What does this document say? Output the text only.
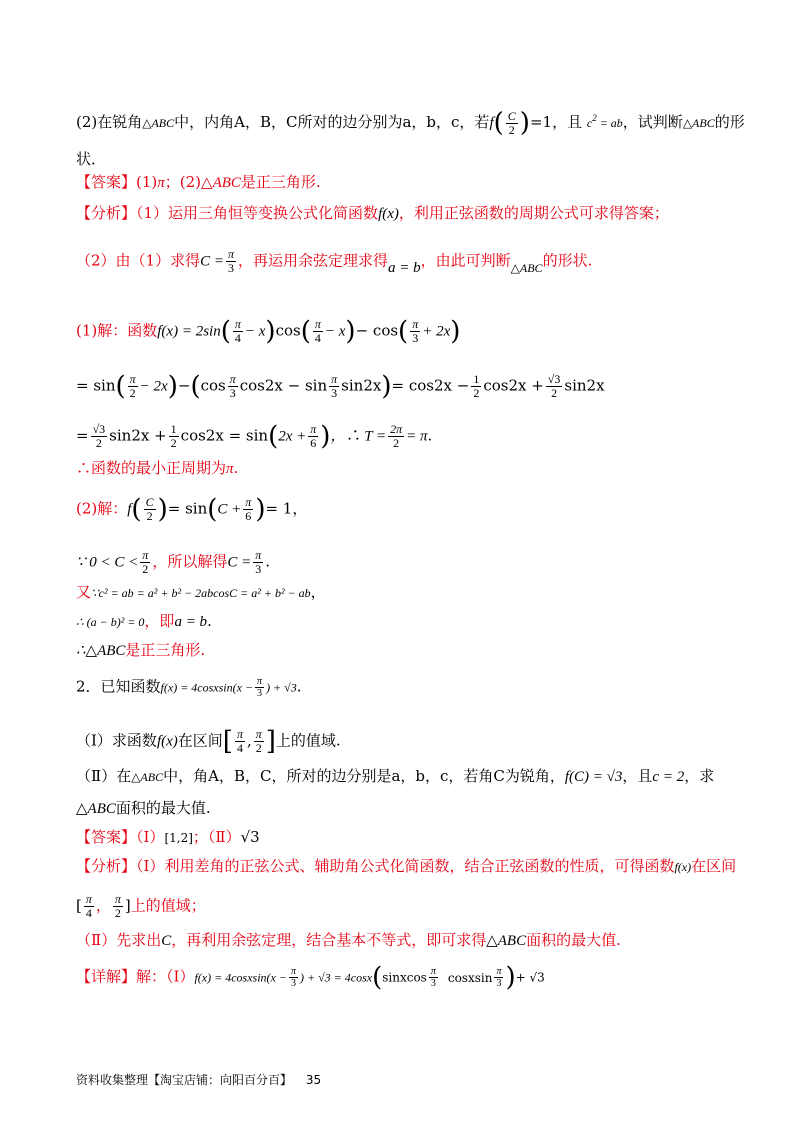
(2)在锐角△ABC中，内角A，B，C所对的边分别为a，b，c，若$f( \frac{C}{2} )=1$，且 $c^2$ = ab，试判断△ABC的形
状．
【答案】(1)π；(2)△ABC是正三角形.
【分析】（1）运用三角恒等变换公式化简函数f(x)，利用正弦函数的周期公式可求得答案；
（2）由（1）求得$C = \frac{\pi}{3}$ ，再运用余弦定理求得a = b，由此可判断$_{\triangle ABC}$的形状.
(1)解：函数$f(x) = 2\sin( \frac{\pi}{4} - x)\cos( \frac{\pi}{4} - x)- \cos( \frac{\pi}{3} + 2x)$
= $\sin( \frac{\pi}{2} - 2x)-(\cos \frac{\pi}{3} \cos 2x - \sin \frac{\pi}{3} \sin 2x)= \cos 2x - \frac{1}{2} \cos 2x + \frac{√3}{2} \sin 2x$
= $\frac{√3}{2} \sin 2x + \frac{1}{2} \cos 2x = \sin(2x + \frac{\pi}{6}$ )，∴ $T = \frac{2\pi}{2} = \pi$.
∴函数的最小正周期为π.
(2)解：$f( \frac{C}{2}$ )= $\sin(C + \frac{\pi}{6}$ )= 1，
∵ $0 < C < \frac{\pi}{2}$ ，所以解得$C = \frac{\pi}{3}$ .
又∵c² = ab = a² + b² − 2abcosC = a² + b² − ab，
∴ (a − b)² = 0，即a = b.
∴△ABC是正三角形.
2．已知函数f(x) = 4cosxsin(x − $\frac{\pi}{3}$ ) + √3.
（Ⅰ）求函数f(x)在区间[ $\frac{\pi}{4}$ , $\frac{\pi}{2}$ ]上的值域.
（Ⅱ）在△ABC中，角A，B，C，所对的边分别是a，b，c，若角C为锐角，f(C) = √3，且c = 2，求
△ABC面积的最大值.
【答案】（Ⅰ）[1,2]；（Ⅱ）√3
【分析】（Ⅰ）利用差角的正弦公式、辅助角公式化简函数，结合正弦函数的性质，可得函数f(x)在区间
[ $\frac{\pi}{4}$ ， $\frac{\pi}{2}$ ]上的值域；
（Ⅱ）先求出C，再利用余弦定理，结合基本不等式，即可求得△ABC面积的最大值.
【详解】解：（Ⅰ）f(x) = 4cosxsin(x − $\frac{\pi}{3}$ ) + √3 = 4cosx(sinxcos $\frac{\pi}{3}$ cosxsin $\frac{\pi}{3}$ )+ √3
资料收集整理【淘宝店铺：向阳百分百】 35
